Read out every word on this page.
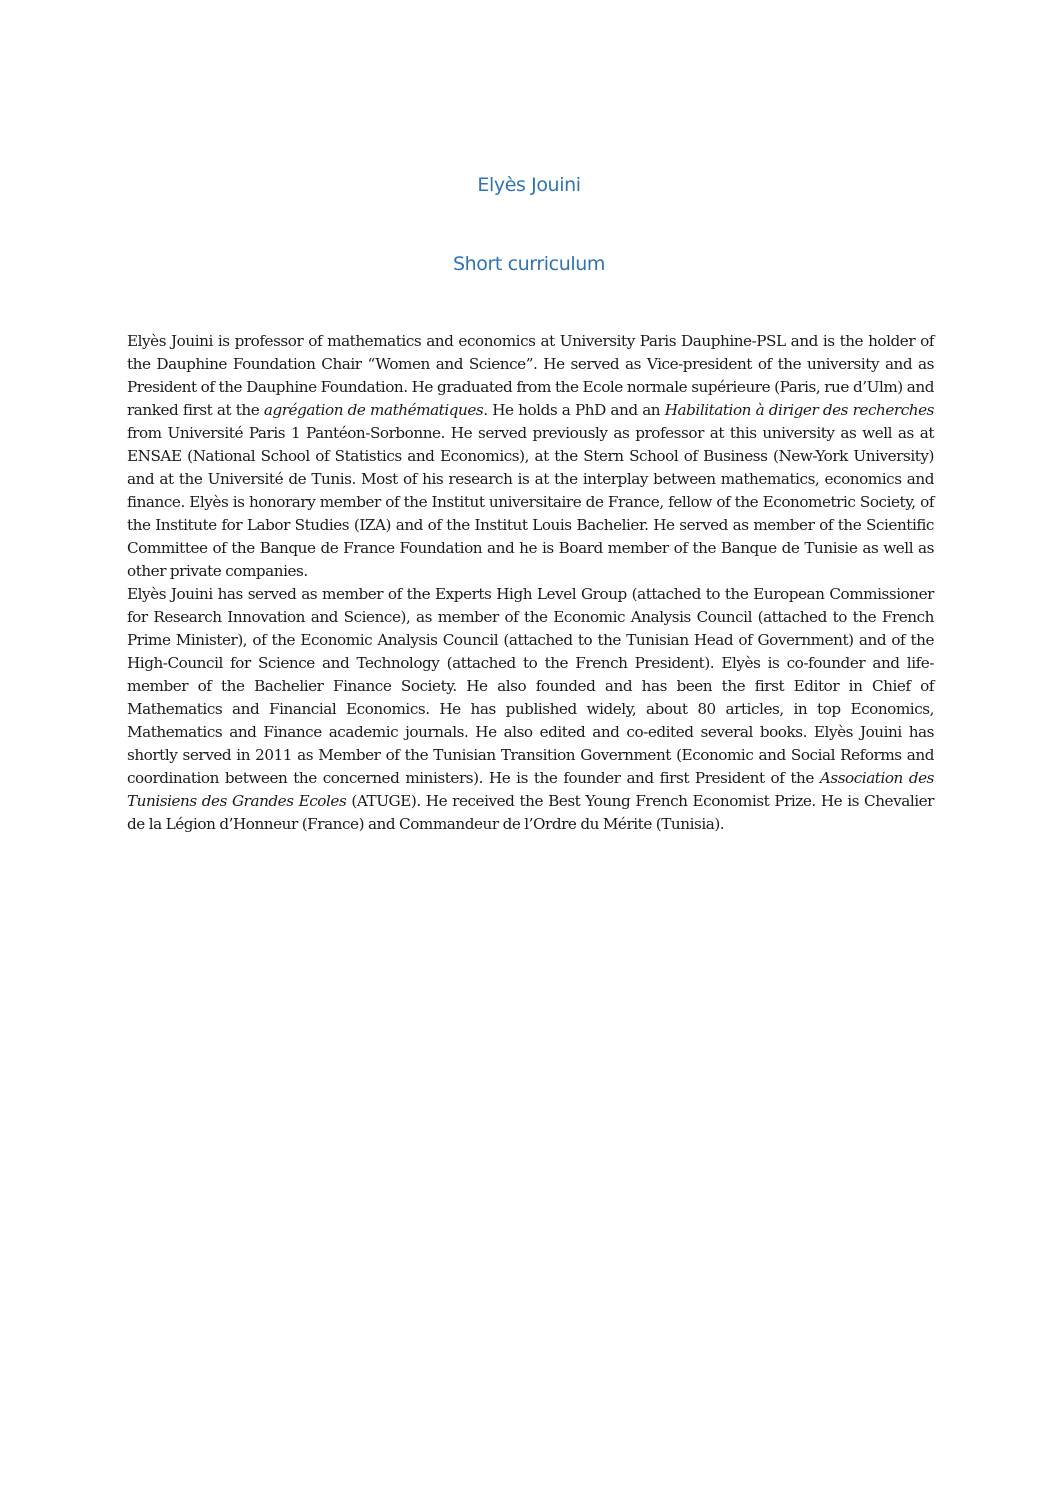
Elyès Jouini
Short curriculum

Elyès Jouini is professor of mathematics and economics at University Paris Dauphine-PSL and is the holder of the Dauphine Foundation Chair “Women and Science”. He served as Vice-president of the university and as President of the Dauphine Foundation. He graduated from the Ecole normale supérieure (Paris, rue d’Ulm) and ranked first at the agrégation de mathématiques. He holds a PhD and an Habilitation à diriger des recherches from Université Paris 1 Pantéon-Sorbonne. He served previously as professor at this university as well as at ENSAE (National School of Statistics and Economics), at the Stern School of Business (New-York University) and at the Université de Tunis. Most of his research is at the interplay between mathematics, economics and finance. Elyès is honorary member of the Institut universitaire de France, fellow of the Econometric Society, of the Institute for Labor Studies (IZA) and of the Institut Louis Bachelier. He served as member of the Scientific Committee of the Banque de France Foundation and he is Board member of the Banque de Tunisie as well as other private companies.

Elyès Jouini has served as member of the Experts High Level Group (attached to the European Commissioner for Research Innovation and Science), as member of the Economic Analysis Council (attached to the French Prime Minister), of the Economic Analysis Council (attached to the Tunisian Head of Government) and of the High-Council for Science and Technology (attached to the French President). Elyès is co-founder and life-member of the Bachelier Finance Society. He also founded and has been the first Editor in Chief of Mathematics and Financial Economics. He has published widely, about 80 articles, in top Economics, Mathematics and Finance academic journals. He also edited and co-edited several books. Elyès Jouini has shortly served in 2011 as Member of the Tunisian Transition Government (Economic and Social Reforms and coordination between the concerned ministers). He is the founder and first President of the Association des Tunisiens des Grandes Ecoles (ATUGE). He received the Best Young French Economist Prize. He is Chevalier de la Légion d’Honneur (France) and Commandeur de l’Ordre du Mérite (Tunisia).
